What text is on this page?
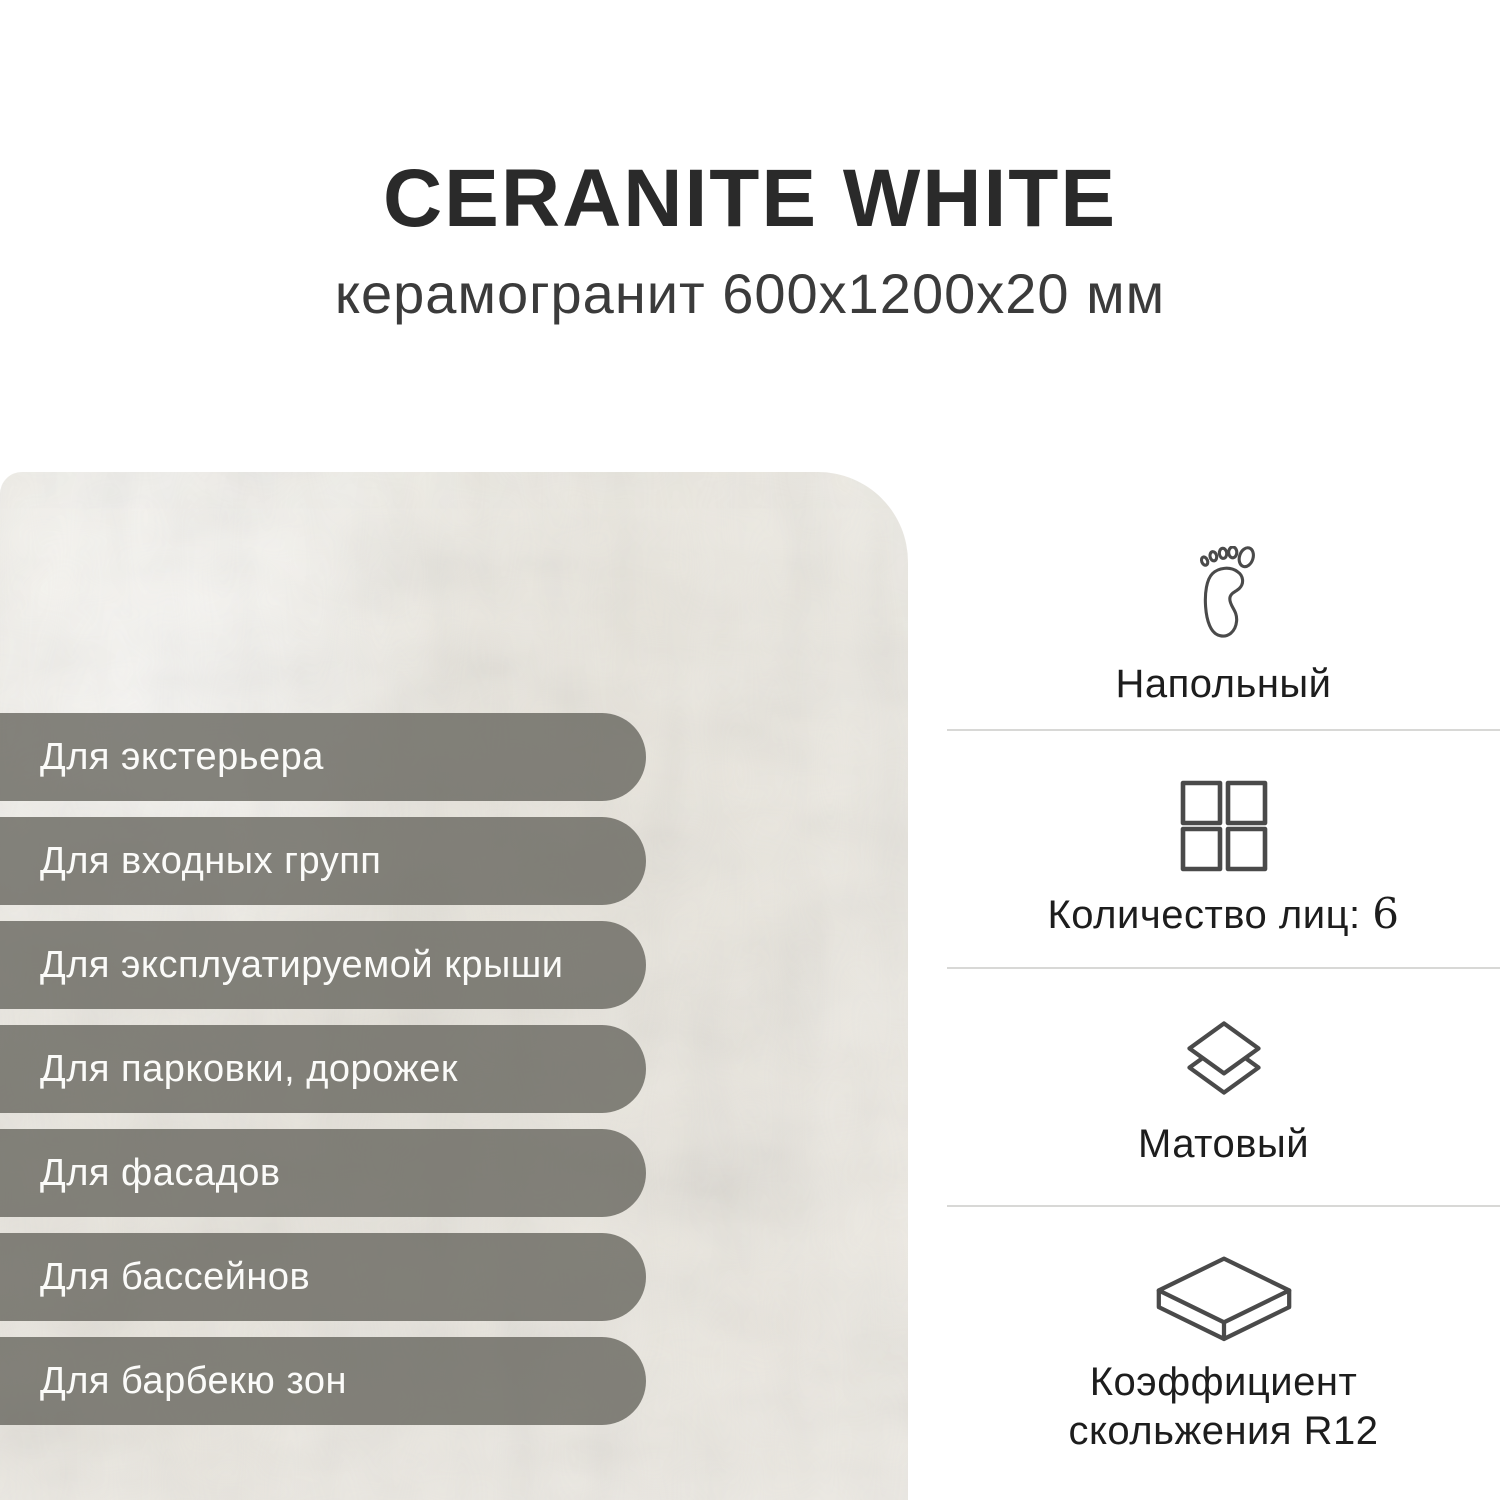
CERANITE WHITE
керамогранит 600х1200х20 мм
Для экстерьера
Для входных групп
Для эксплуатируемой крыши
Для парковки, дорожек
Для фасадов
Для бассейнов
Для барбекю зон
Напольный
Количество лиц: 6
Матовый
Коэффициент
скольжения R12
